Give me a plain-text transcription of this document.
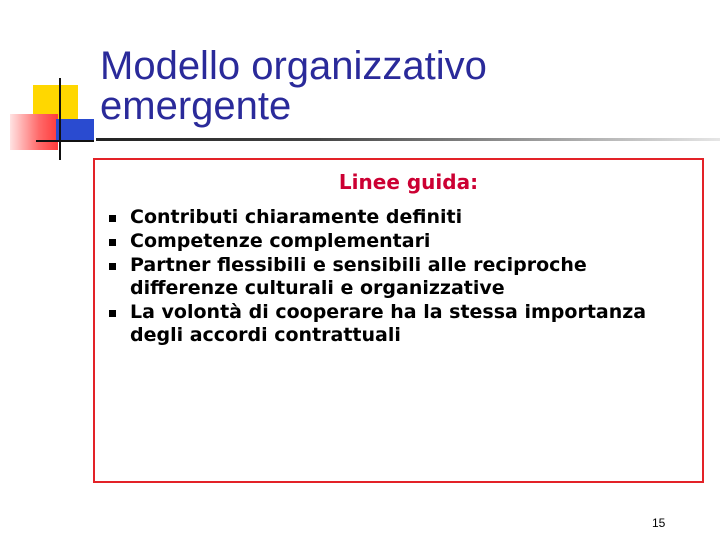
Modello organizzativo
emergente
Linee guida:
Contributi chiaramente definiti
Competenze complementari
Partner flessibili e sensibili alle reciproche differenze culturali e organizzative
La volontà di cooperare ha la stessa importanza degli accordi contrattuali
15
